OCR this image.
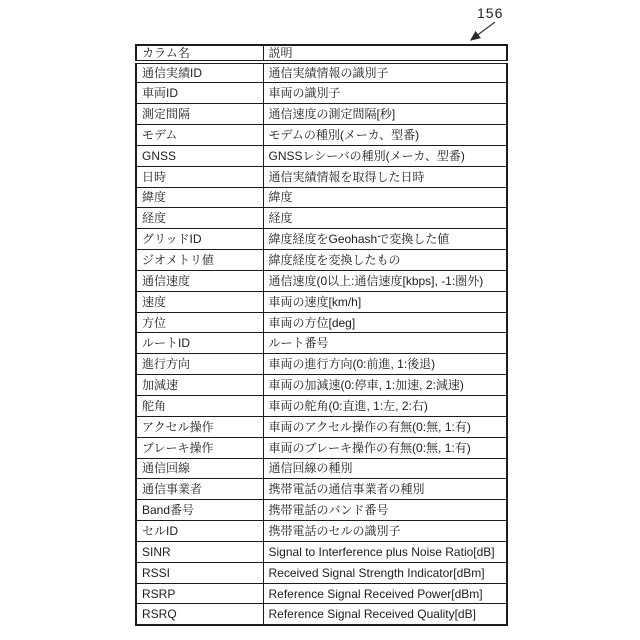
156
カラム名	説明
通信実績ID	通信実績情報の識別子
車両ID	車両の識別子
測定間隔	通信速度の測定間隔[秒]
モデム	モデムの種別(メーカ、型番)
GNSS	GNSSレシーバの種別(メーカ、型番)
日時	通信実績情報を取得した日時
緯度	緯度
経度	経度
グリッドID	緯度経度をGeohashで変換した値
ジオメトリ値	緯度経度を変換したもの
通信速度	通信速度(0以上:通信速度[kbps], -1:圏外)
速度	車両の速度[km/h]
方位	車両の方位[deg]
ルートID	ルート番号
進行方向	車両の進行方向(0:前進, 1:後退)
加減速	車両の加減速(0:停車, 1:加速, 2:減速)
舵角	車両の舵角(0:直進, 1:左, 2:右)
アクセル操作	車両のアクセル操作の有無(0:無, 1:有)
ブレーキ操作	車両のブレーキ操作の有無(0:無, 1:有)
通信回線	通信回線の種別
通信事業者	携帯電話の通信事業者の種別
Band番号	携帯電話のバンド番号
セルID	携帯電話のセルの識別子
SINR	Signal to Interference plus Noise Ratio[dB]
RSSI	Received Signal Strength Indicator[dBm]
RSRP	Reference Signal Received Power[dBm]
RSRQ	Reference Signal Received Quality[dB]
